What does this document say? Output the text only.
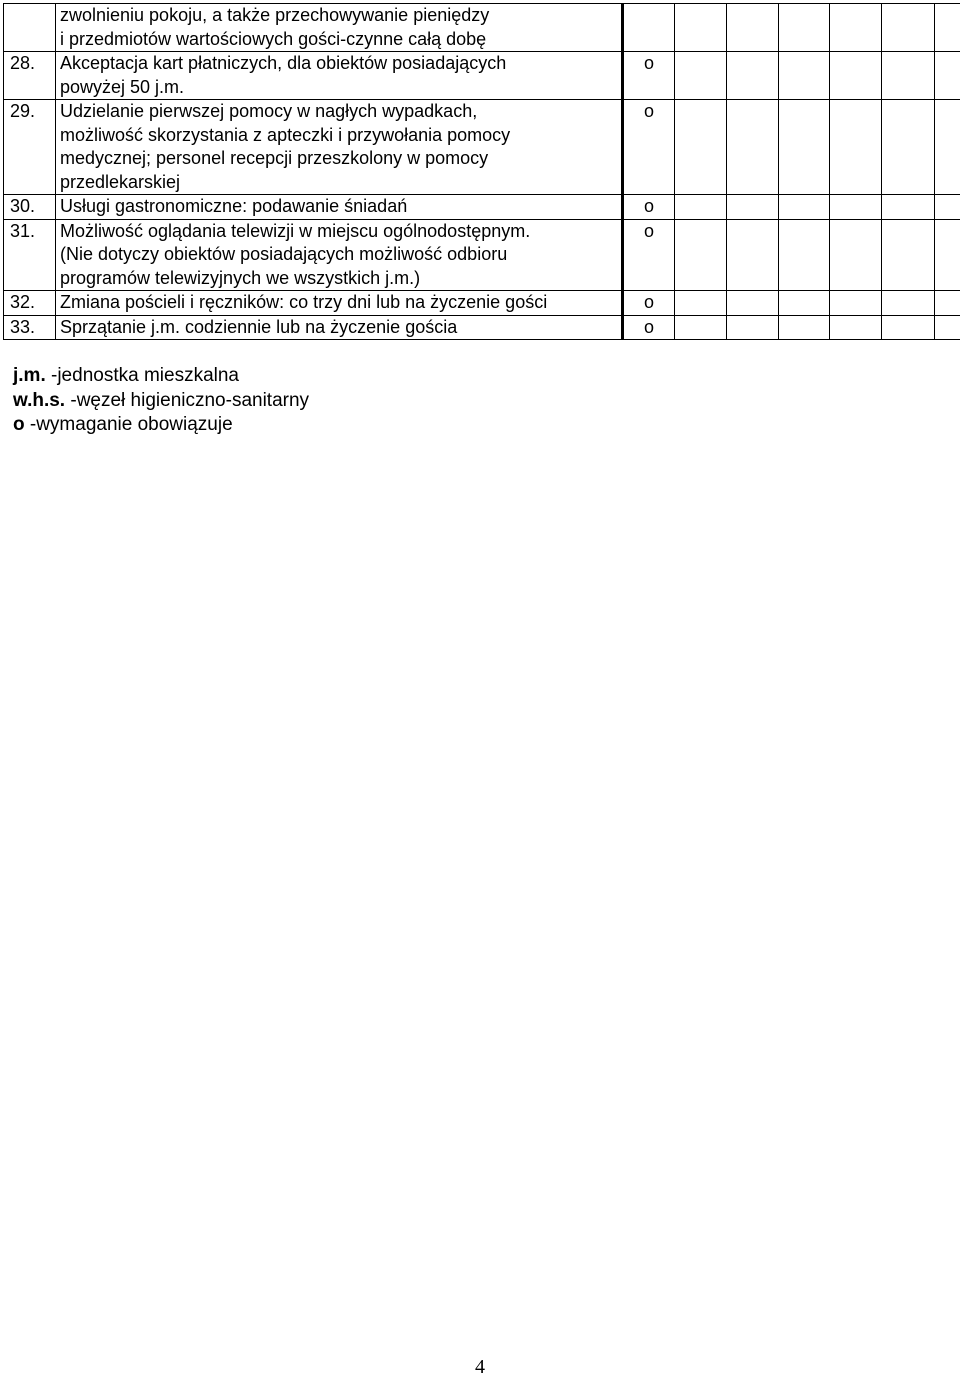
	zwolnieniu pokoju, a także przechowywanie pieniędzy
i przedmiotów wartościowych gości-czynne całą dobę							

28.	Akceptacja kart płatniczych, dla obiektów posiadających
powyżej 50 j.m.	o						
29.	Udzielanie pierwszej pomocy w nagłych wypadkach,
możliwość skorzystania z apteczki i przywołania pomocy
medycznej; personel recepcji przeszkolony w pomocy
przedlekarskiej	o						
30.	Usługi gastronomiczne: podawanie śniadań	o						
31.	Możliwość oglądania telewizji w miejscu ogólnodostępnym.
(Nie dotyczy obiektów posiadających możliwość odbioru
programów telewizyjnych we wszystkich j.m.)	o						
32.	Zmiana pościeli i ręczników: co trzy dni lub na życzenie gości	o						
33.	Sprzątanie j.m. codziennie lub na życzenie gościa	o						
j.m. -jednostka mieszkalna
w.h.s. -węzeł higieniczno-sanitarny
o -wymaganie obowiązuje
4
